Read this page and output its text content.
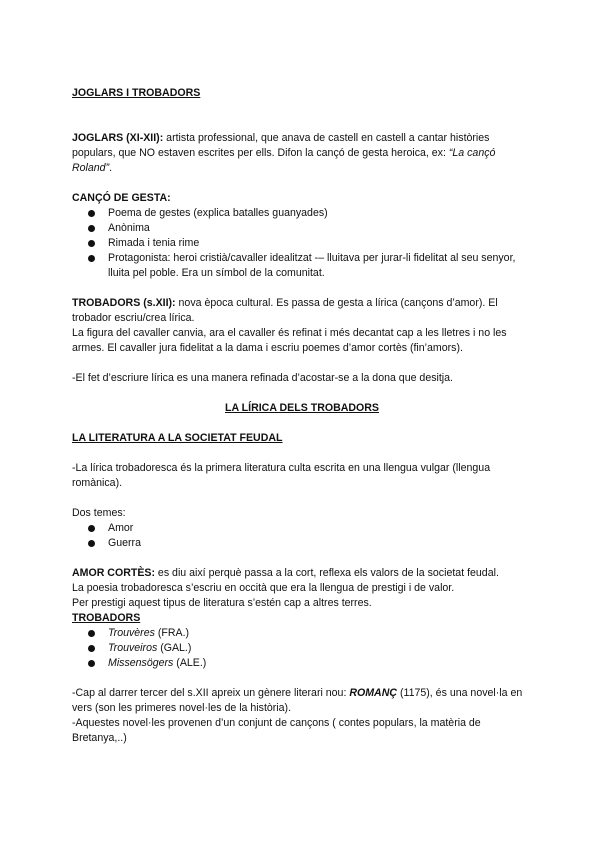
JOGLARS I TROBADORS

JOGLARS (XI-XII): artista professional, que anava de castell en castell a cantar històries populars, que NO estaven escrites per ells. Difon la cançó de gesta heroica, ex: “La cançó Roland”.

CANÇÓ DE GESTA:

Poema de gestes (explica batalles guanyades)
Anònima
Rimada i tenia rime
Protagonista: heroi cristià/cavaller idealitzat -– lluitava per jurar-li fidelitat al seu senyor, lluita pel poble. Era un símbol de la comunitat.

TROBADORS (s.XII): nova època cultural. Es passa de gesta a lírica (cançons d’amor). El trobador escriu/crea lírica.

La figura del cavaller canvia, ara el cavaller és refinat i més decantat cap a les lletres i no les armes. El cavaller jura fidelitat a la dama i escriu poemes d’amor cortès (fin’amors).

-El fet d’escriure lírica es una manera refinada d’acostar-se a la dona que desitja.

LA LÍRICA DELS TROBADORS

LA LITERATURA A LA SOCIETAT FEUDAL

-La lírica trobadoresca és la primera literatura culta escrita en una llengua vulgar (llengua romànica).

Dos temes:

Amor
Guerra

AMOR CORTÈS: es diu així perquè passa a la cort, reflexa els valors de la societat feudal.

La poesia trobadoresca s’escriu en occità que era la llengua de prestigi i de valor.

Per prestigi aquest tipus de literatura s’estén cap a altres terres.

TROBADORS

Trouvères (FRA.)
Trouveiros (GAL.)
Missensögers (ALE.)

-Cap al darrer tercer del s.XII apreix un gènere literari nou: ROMANÇ (1175), és una novel·la en vers (son les primeres novel·les de la història).

-Aquestes novel·les provenen d’un conjunt de cançons ( contes populars, la matèria de Bretanya,..)
